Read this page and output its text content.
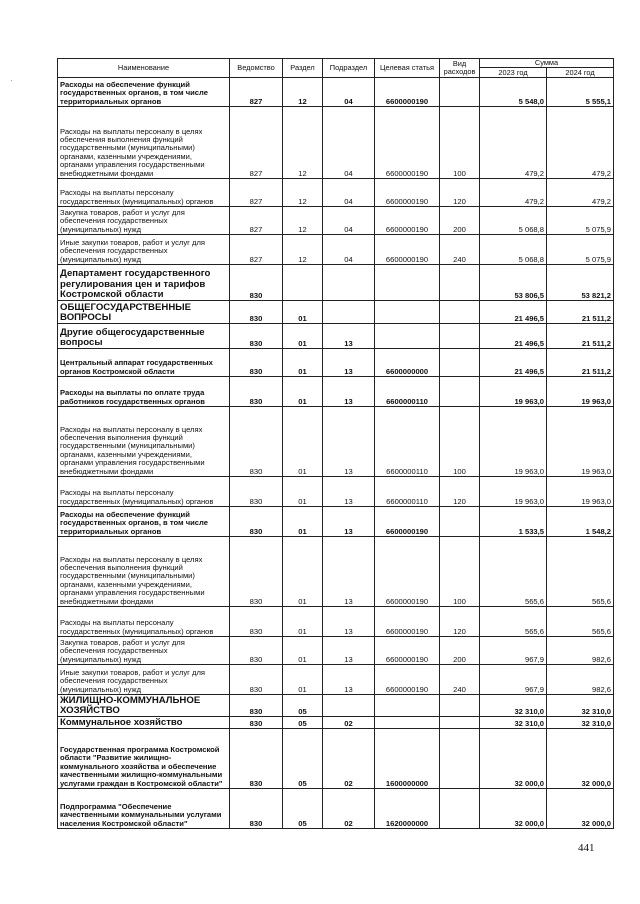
Наименование	Ведомство	Раздел	Подраздел	Целевая статья	Вид расходов	Сумма	
						2023 год	2024 год
Расходы на обеспечение функций государственных органов, в том числе территориальных органов	827	12	04	6600000190		5 548,0	5 555,1
Расходы на выплаты персоналу в целях обеспечения выполнения функций государственными (муниципальными) органами, казенными учреждениями, органами управления государственными внебюджетными фондами	827	12	04	6600000190	100	479,2	479,2
Расходы на выплаты персоналу государственных (муниципальных) органов	827	12	04	6600000190	120	479,2	479,2
Закупка товаров, работ и услуг для обеспечения государственных (муниципальных) нужд	827	12	04	6600000190	200	5 068,8	5 075,9
Иные закупки товаров, работ и услуг для обеспечения государственных (муниципальных) нужд	827	12	04	6600000190	240	5 068,8	5 075,9
Департамент государственного регулирования цен и тарифов Костромской области	830					53 806,5	53 821,2
ОБЩЕГОСУДАРСТВЕННЫЕ ВОПРОСЫ	830	01				21 496,5	21 511,2
Другие общегосударственные вопросы	830	01	13			21 496,5	21 511,2
Центральный аппарат государственных органов Костромской области	830	01	13	6600000000		21 496,5	21 511,2
Расходы на выплаты по оплате труда работников государственных органов	830	01	13	6600000110		19 963,0	19 963,0
Расходы на выплаты персоналу в целях обеспечения выполнения функций государственными (муниципальными) органами, казенными учреждениями, органами управления государственными внебюджетными фондами	830	01	13	6600000110	100	19 963,0	19 963,0
Расходы на выплаты персоналу государственных (муниципальных) органов	830	01	13	6600000110	120	19 963,0	19 963,0
Расходы на обеспечение функций государственных органов, в том числе территориальных органов	830	01	13	6600000190		1 533,5	1 548,2
Расходы на выплаты персоналу в целях обеспечения выполнения функций государственными (муниципальными) органами, казенными учреждениями, органами управления государственными внебюджетными фондами	830	01	13	6600000190	100	565,6	565,6
Расходы на выплаты персоналу государственных (муниципальных) органов	830	01	13	6600000190	120	565,6	565,6
Закупка товаров, работ и услуг для обеспечения государственных (муниципальных) нужд	830	01	13	6600000190	200	967,9	982,6
Иные закупки товаров, работ и услуг для обеспечения государственных (муниципальных) нужд	830	01	13	6600000190	240	967,9	982,6
ЖИЛИЩНО-КОММУНАЛЬНОЕ ХОЗЯЙСТВО	830	05				32 310,0	32 310,0
Коммунальное хозяйство	830	05	02			32 310,0	32 310,0
Государственная программа Костромской области "Развитие жилищно-коммунального хозяйства и обеспечение качественными жилищно-коммунальными услугами граждан в Костромской области"	830	05	02	1600000000		32 000,0	32 000,0
Подпрограмма "Обеспечение качественными коммунальными услугами населения Костромской области"	830	05	02	1620000000		32 000,0	32 000,0
·
441
